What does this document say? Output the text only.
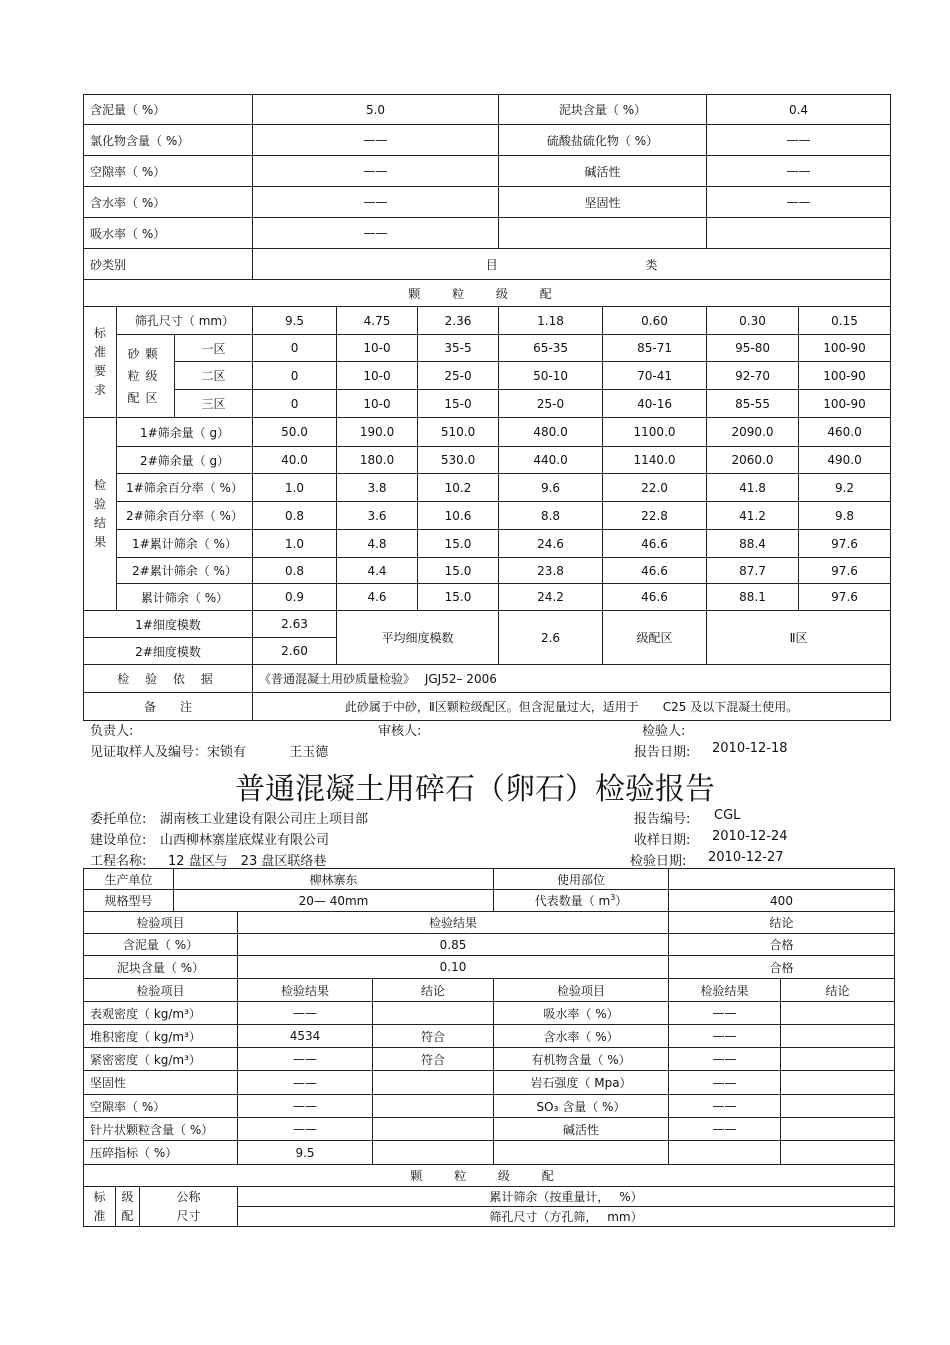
含泥量（ %）			5.0			泥块含量（ %）		0.4	
氯化物含量（ %）			——			硫酸盐硫化物（ %）		——	
空隙率（ %）			——			碱活性		——	
含水率（ %）			——			坚固性		——	
吸水率（ %）			——						
砂类别			目 类						
颗 粒 级 配									
标准要求	筛孔尺寸（ mm）		9.5	4.75	2.36	1.18	0.60	0.30	0.15
	砂颗粒级配区	一区	0	10-0	35-5	65-35	85-71	95-80	100-90
		二区	0	10-0	25-0	50-10	70-41	92-70	100-90
		三区	0	10-0	15-0	25-0	40-16	85-55	100-90
检验结果	1#筛余量（ g）		50.0	190.0	510.0	480.0	1100.0	2090.0	460.0
	2#筛余量（ g）		40.0	180.0	530.0	440.0	1140.0	2060.0	490.0
	1#筛余百分率（ %）		1.0	3.8	10.2	9.6	22.0	41.8	9.2
	2#筛余百分率（ %）		0.8	3.6	10.6	8.8	22.8	41.2	9.8
	1#累计筛余（ %）		1.0	4.8	15.0	24.6	46.6	88.4	97.6
	2#累计筛余（ %）		0.8	4.4	15.0	23.8	46.6	87.7	97.6
	累计筛余（ %）		0.9	4.6	15.0	24.2	46.6	88.1	97.6
1#细度模数			2.63	平均细度模数		2.6	级配区	Ⅱ区	
2#细度模数			2.60						
检 验 依 据			《普通混凝土用砂质量检验》　 JGJ52– 2006						
备　　注			此砂属于中砂，Ⅱ区颗粒级配区。但含泥量过大，适用于　　C25 及以下混凝土使用。						
负责人:	审核人:	检验人:
见证取样人及编号：宋锁有　　　 王玉德	报告日期: 2010-12-18
普通混凝土用碎石（卵石）检验报告
委托单位: 湖南核工业建设有限公司庄上项目部	报告编号: CGL
建设单位: 山西柳林寨崖底煤业有限公司	收样日期: 2010-12-24
工程名称: 12 盘区与　23 盘区联络巷	检验日期: 2010-12-27
生产单位			柳林寨东			使用部位		
规格型号			20— 40mm			代表数量（ $m^3$）	400	
检验项目				检验结果			结论	
含泥量（ %）				0.85			合格	
泥块含量（ %）				0.10			合格	
检验项目				检验结果	结论	检验项目	检验结果	结论
表观密度（ kg/m³）				——		吸水率（ %）	——	
堆积密度（ kg/m³）				4534	符合	含水率（ %）	——	
紧密密度（ kg/m³）				——	符合	有机物含量（ %）	——	
坚固性				——		岩石强度（ Mpa）	——	
空隙率（ %）				——		SO₃ 含量（ %）	——	
针片状颗粒含量（ %）				——		碱活性	——	
压碎指标（ %）				9.5				
颗 粒 级 配								
标准	级配	公称尺寸		累计筛余（按重量计，　 %）				
				筛孔尺寸（方孔筛，　 mm）				
